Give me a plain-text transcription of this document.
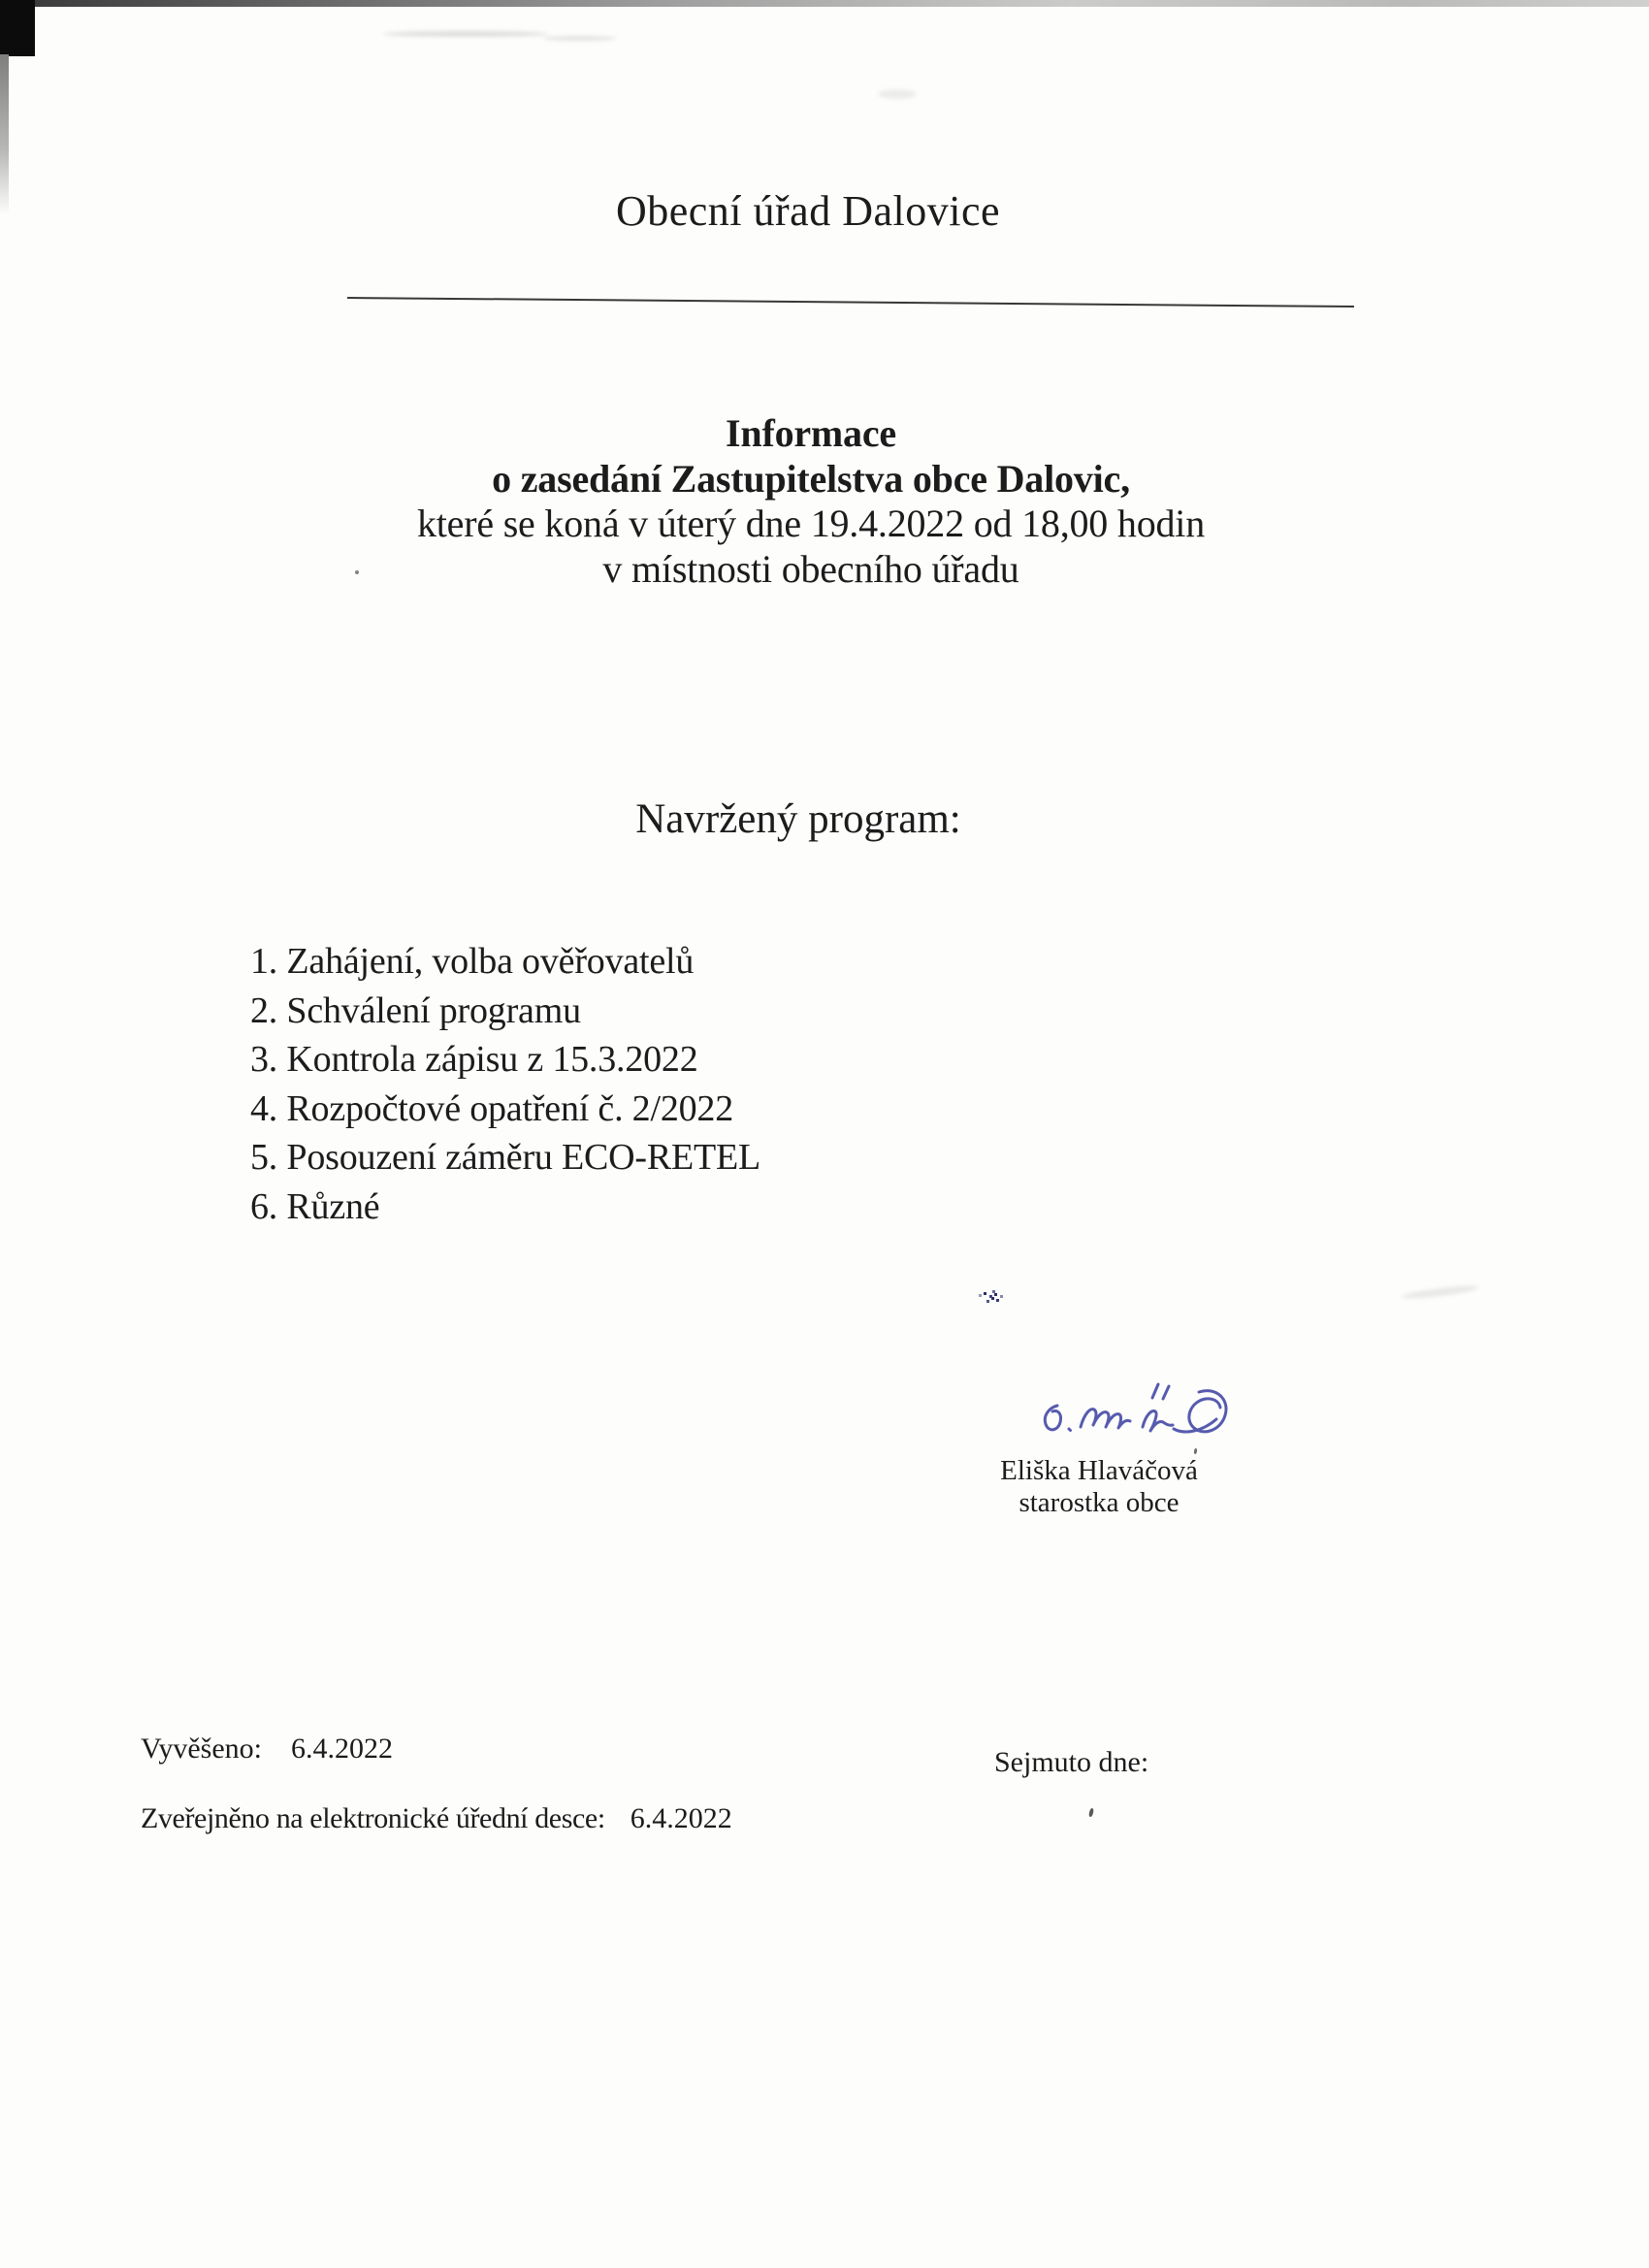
Obecní úřad Dalovice
Informace
o zasedání Zastupitelstva obce Dalovic,
které se koná v úterý dne 19.4.2022 od 18,00 hodin
v místnosti obecního úřadu
Navržený program:
1. Zahájení, volba ověřovatelů
2. Schválení programu
3. Kontrola zápisu z 15.3.2022
4. Rozpočtové opatření č. 2/2022
5. Posouzení záměru ECO-RETEL
6. Různé
Eliška Hlaváčová
starostka obce
Vyvěšeno: 6.4.2022	Sejmuto dne:
Zveřejněno na elektronické úřední desce: 6.4.2022
